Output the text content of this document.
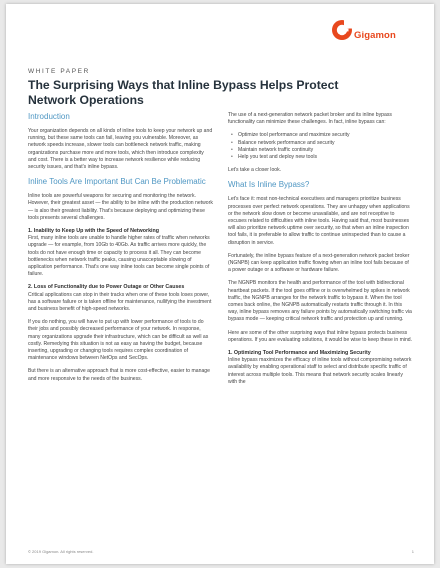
Gigamon
WHITE PAPER
The Surprising Ways that Inline Bypass Helps Protect Network Operations
Introduction
Your organization depends on all kinds of inline tools to keep your network up and running, but these same tools can fail, leaving you vulnerable. Moreover, as network speeds increase, slower tools can bottleneck network traffic, making organizations purchase more and more tools, which then introduce complexity and cost. There is a better way to increase network resilience while reducing security issues, and that's inline bypass.
Inline Tools Are Important But Can Be Problematic
Inline tools are powerful weapons for securing and monitoring the network. However, their greatest asset — the ability to be inline with the production network — is also their greatest liability. That's because deploying and optimizing these tools presents several challenges.
1. Inability to Keep Up with the Speed of Networking
First, many inline tools are unable to handle higher rates of traffic when networks upgrade — for example, from 10Gb to 40Gb. As traffic arrives more quickly, the tools do not have enough time or capacity to process it all. They can become bottlenecks when network traffic peaks, causing unacceptable slowing of application performance. That's one way inline tools can become single points of failure.
2. Loss of Functionality due to Power Outage or Other Causes
Critical applications can stop in their tracks when one of these tools loses power, has a software failure or is taken offline for maintenance, nullifying the investment and business benefit of high-speed networks.
If you do nothing, you will have to put up with lower performance of tools to do their jobs and possibly decreased performance of your network. In response, many organizations upgrade their infrastructure, which can be difficult as well as costly. Remedying this situation is not as easy as having the budget, because inserting, upgrading or changing tools requires complex coordination of maintenance windows between NetOps and SecOps.
But there is an alternative approach that is more cost-effective, easier to manage and more responsive to the needs of the business.
The use of a next-generation network packet broker and its inline bypass functionality can minimize these challenges. In fact, inline bypass can:
• Optimize tool performance and maximize security
• Balance network performance and security
• Maintain network traffic continuity
• Help you test and deploy new tools
Let's take a closer look.
What Is Inline Bypass?
Let's face it: most non-technical executives and managers prioritize business processes over perfect network operations. They are unhappy when applications or the network slow down or become unavailable, and are not receptive to excuses related to difficulties with inline tools. Having said that, most businesses will also prioritize network uptime over security, so that when an inline inspection tool fails, it is preferable to allow traffic to continue uninspected than to cause a disruption in service.
Fortunately, the inline bypass feature of a next-generation network packet broker (NGNPB) can keep application traffic flowing when an inline tool fails because of a power outage or a software or hardware failure.
The NGNPB monitors the health and performance of the tool with bidirectional heartbeat packets. If the tool goes offline or is overwhelmed by spikes in network traffic, the NGNPB arranges for the network traffic to bypass it. When the tool comes back online, the NGNPB automatically restarts traffic through it. In this way, inline bypass removes any failure points by automatically switching traffic via bypass mode — keeping critical network traffic and protection up and running.
Here are some of the other surprising ways that inline bypass protects business operations. If you are evaluating solutions, it would be wise to keep these in mind.
1. Optimizing Tool Performance and Maximizing Security
Inline bypass maximizes the efficacy of inline tools without compromising network availability by enabling operational staff to select and distribute specific traffic of interest across multiple tools. This means that network security scales linearly with the
© 2019 Gigamon. All rights reserved.	1
